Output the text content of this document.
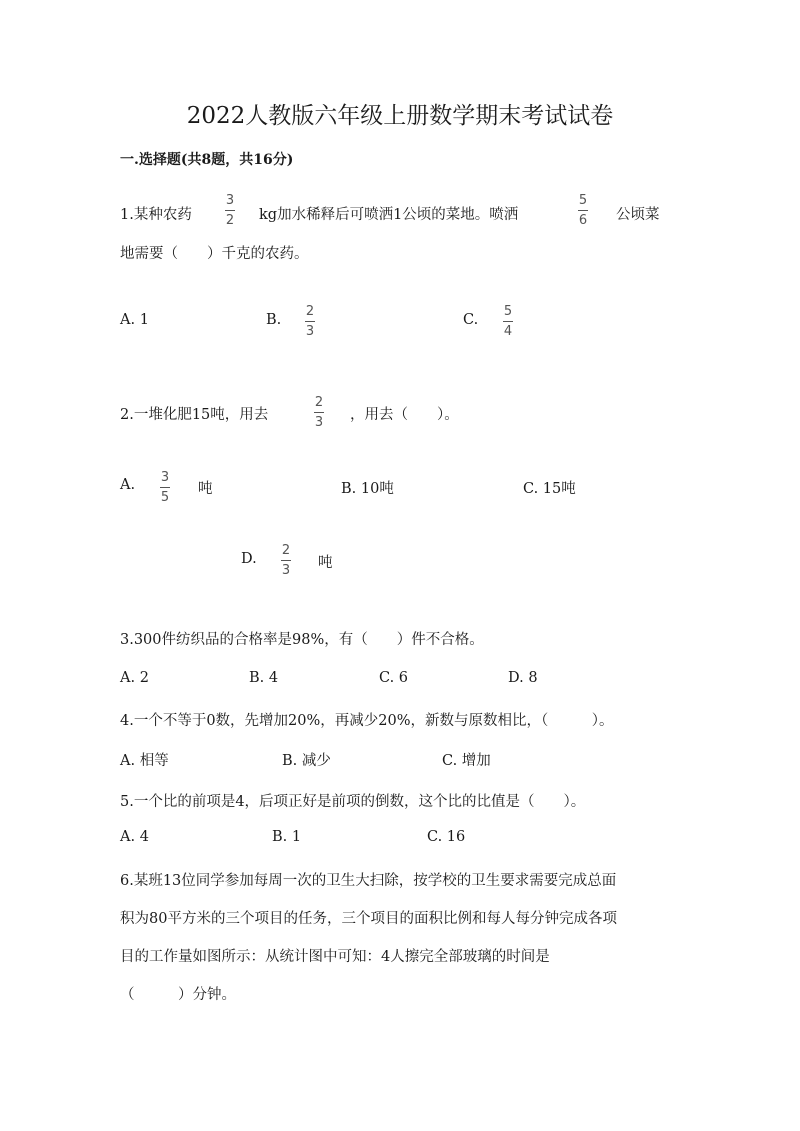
2022人教版六年级上册数学期末考试试卷
一.选择题(共8题，共16分)
1.某种农药
3
2 kg加水稀释后可喷洒1公顷的菜地。喷洒
5
6 公顷菜
地需要（　　）千克的农药。
A. 1	B.
2
3
C.
5
4
2.一堆化肥15吨，用去
2
3 ，用去（　　）。
A. 3
5
吨	B. 10吨	C. 15吨
D.
2
3 吨
3.300件纺织品的合格率是98%，有（　　）件不合格。
A. 2	B. 4	C. 6	D. 8
4.一个不等于0数，先增加20%，再减少20%，新数与原数相比，（　　　）。
A. 相等	B. 减少	C. 增加
5.一个比的前项是4，后项正好是前项的倒数，这个比的比值是（　　）。
A. 4	B. 1	C. 16
6.某班13位同学参加每周一次的卫生大扫除，按学校的卫生要求需要完成总面
积为80平方米的三个项目的任务，三个项目的面积比例和每人每分钟完成各项
目的工作量如图所示：从统计图中可知：4人擦完全部玻璃的时间是
（　　　）分钟。
